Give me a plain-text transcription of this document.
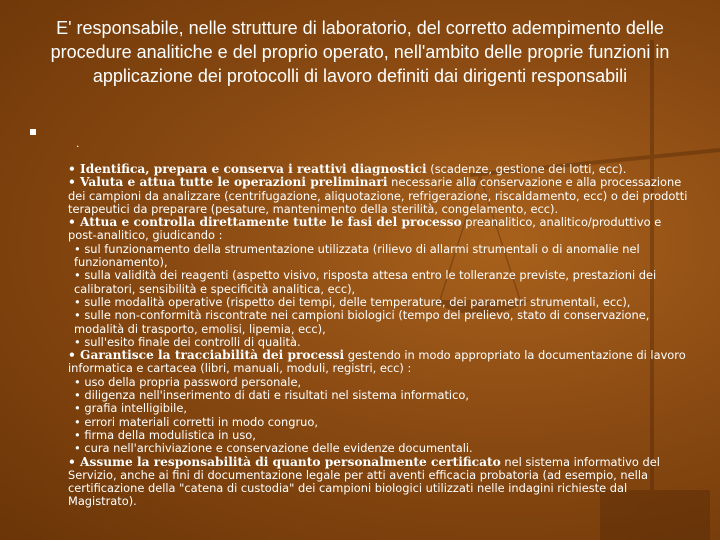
E' responsabile, nelle strutture di laboratorio, del corretto adempimento delle procedure analitiche e del proprio operato, nell'ambito delle proprie funzioni in applicazione dei protocolli di lavoro definiti dai dirigenti responsabili
.

• Identifica, prepara e conserva i reattivi diagnostici (scadenze, gestione dei lotti, ecc).

• Valuta e attua tutte le operazioni preliminari necessarie alla conservazione e alla processazione dei campioni da analizzare (centrifugazione, aliquotazione, refrigerazione, riscaldamento, ecc) o dei prodotti terapeutici da preparare (pesature, mantenimento della sterilità, congelamento, ecc).

• Attua e controlla direttamente tutte le fasi del processo preanalitico, analitico/produttivo e post-analitico, giudicando :

• sul funzionamento della strumentazione utilizzata (rilievo di allarmi strumentali o di anomalie nel funzionamento),

• sulla validità dei reagenti (aspetto visivo, risposta attesa entro le tolleranze previste, prestazioni dei calibratori, sensibilità e specificità analitica, ecc),

• sulle modalità operative (rispetto dei tempi, delle temperature, dei parametri strumentali, ecc),

• sulle non-conformità riscontrate nei campioni biologici (tempo del prelievo, stato di conservazione, modalità di trasporto, emolisi, lipemia, ecc),

• sull'esito finale dei controlli di qualità.

• Garantisce la tracciabilità dei processi gestendo in modo appropriato la documentazione di lavoro informatica e cartacea (libri, manuali, moduli, registri, ecc) :

• uso della propria password personale,

• diligenza nell'inserimento di dati e risultati nel sistema informatico,

• grafia intelligibile,

• errori materiali corretti in modo congruo,

• firma della modulistica in uso,

• cura nell'archiviazione e conservazione delle evidenze documentali.

• Assume la responsabilità di quanto personalmente certificato nel sistema informativo del Servizio, anche ai fini di documentazione legale per atti aventi efficacia probatoria (ad esempio, nella certificazione della "catena di custodia" dei campioni biologici utilizzati nelle indagini richieste dal Magistrato).
